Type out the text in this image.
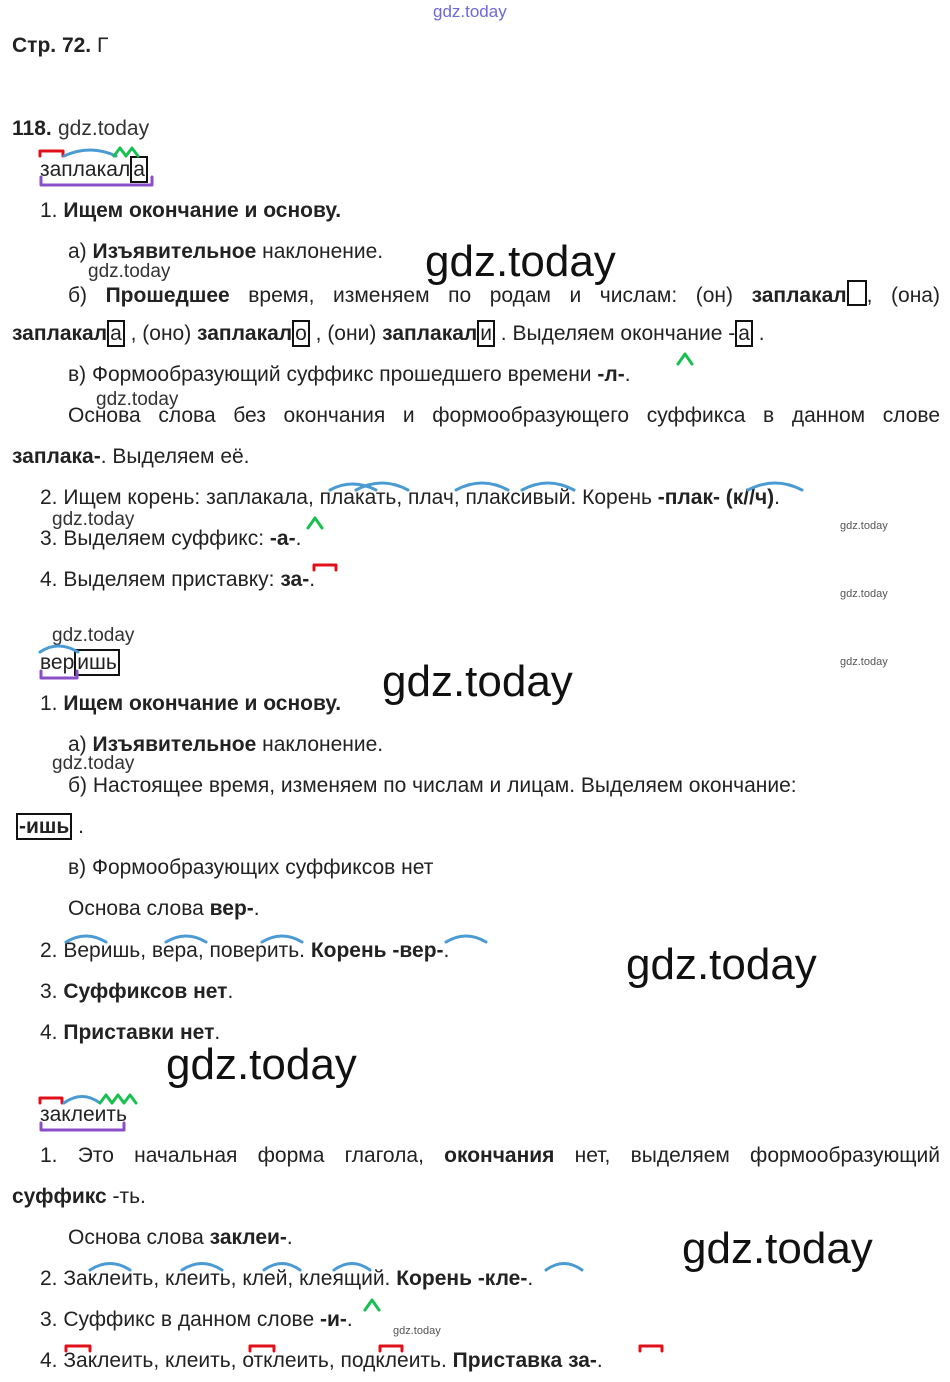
gdz.today
gdz.today
gdz.today
gdz.today
gdz.today
gdz.today	gdz.today
gdz.today
gdz.today
gdz.today
gdz.today
gdz.today
gdz.today
gdz.today
gdz.today
gdz.today
Стр. 72. Г
118.
заплакал а
1. Ищем окончание и основу.
а) Изъявительное наклонение.
б) Прошедшее время, изменяем по родам и числам: (он) заплакал , (она)
заплакал а , (оно) заплакал о , (они) заплакал и . Выделяем окончание - а .
в) Формообразующий суффикс прошедшего времени -л-.
Основа слова без окончания и формообразующего суффикса в данном слове
заплака-. Выделяем её.
2. Ищем корень: заплакала, плакать, плач, плаксивый. Корень -плак- (к//ч).
3. Выделяем суффикс: -а-.
4. Выделяем приставку: за-.
вер ишь
1. Ищем окончание и основу.
а) Изъявительное наклонение.
б) Настоящее время, изменяем по числам и лицам. Выделяем окончание:
-ишь .
в) Формообразующих суффиксов нет
Основа слова вер-.
2. Веришь, вера, поверить. Корень -вер-.
3. Суффиксов нет.
4. Приставки нет.
заклеить
1. Это начальная форма глагола, окончания нет, выделяем формообразующий
суффикс -ть.
Основа слова заклеи-.
2. Заклеить, клеить, клей, клеящий. Корень -кле-.
3. Суффикс в данном слове -и-.
4. Заклеить, клеить, отклеить, подклеить. Приставка за-.
